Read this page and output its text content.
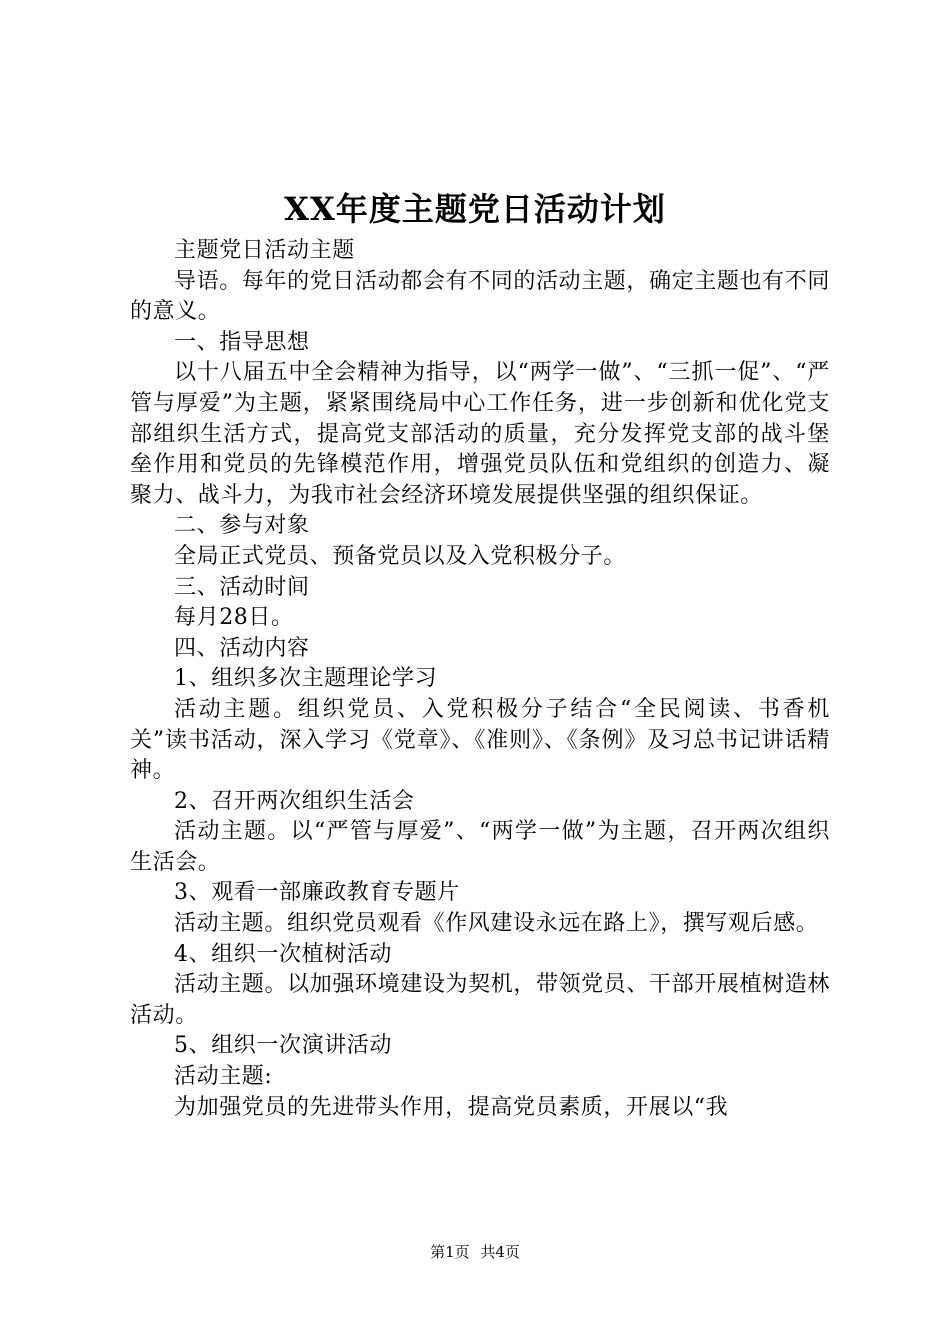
XX年度主题党日活动计划

主题党日活动主题

导语。每年的党日活动都会有不同的活动主题，确定主题也有不同的意义。

一、指导思想

以十八届五中全会精神为指导，以“两学一做”、“三抓一促”、“严管与厚爱”为主题，紧紧围绕局中心工作任务，进一步创新和优化党支部组织生活方式，提高党支部活动的质量，充分发挥党支部的战斗堡垒作用和党员的先锋模范作用，增强党员队伍和党组织的创造力、凝聚力、战斗力，为我市社会经济环境发展提供坚强的组织保证。

二、参与对象

全局正式党员、预备党员以及入党积极分子。

三、活动时间

每月28日。

四、活动内容

1、组织多次主题理论学习

活动主题。组织党员、入党积极分子结合“全民阅读、书香机关”读书活动，深入学习《党章》、《准则》、《条例》及习总书记讲话精神。

2、召开两次组织生活会

活动主题。以“严管与厚爱”、“两学一做”为主题，召开两次组织生活会。

3、观看一部廉政教育专题片

活动主题。组织党员观看《作风建设永远在路上》，撰写观后感。

4、组织一次植树活动

活动主题。以加强环境建设为契机，带领党员、干部开展植树造林活动。

5、组织一次演讲活动

活动主题:

为加强党员的先进带头作用，提高党员素质，开展以“我

第1页 共4页
